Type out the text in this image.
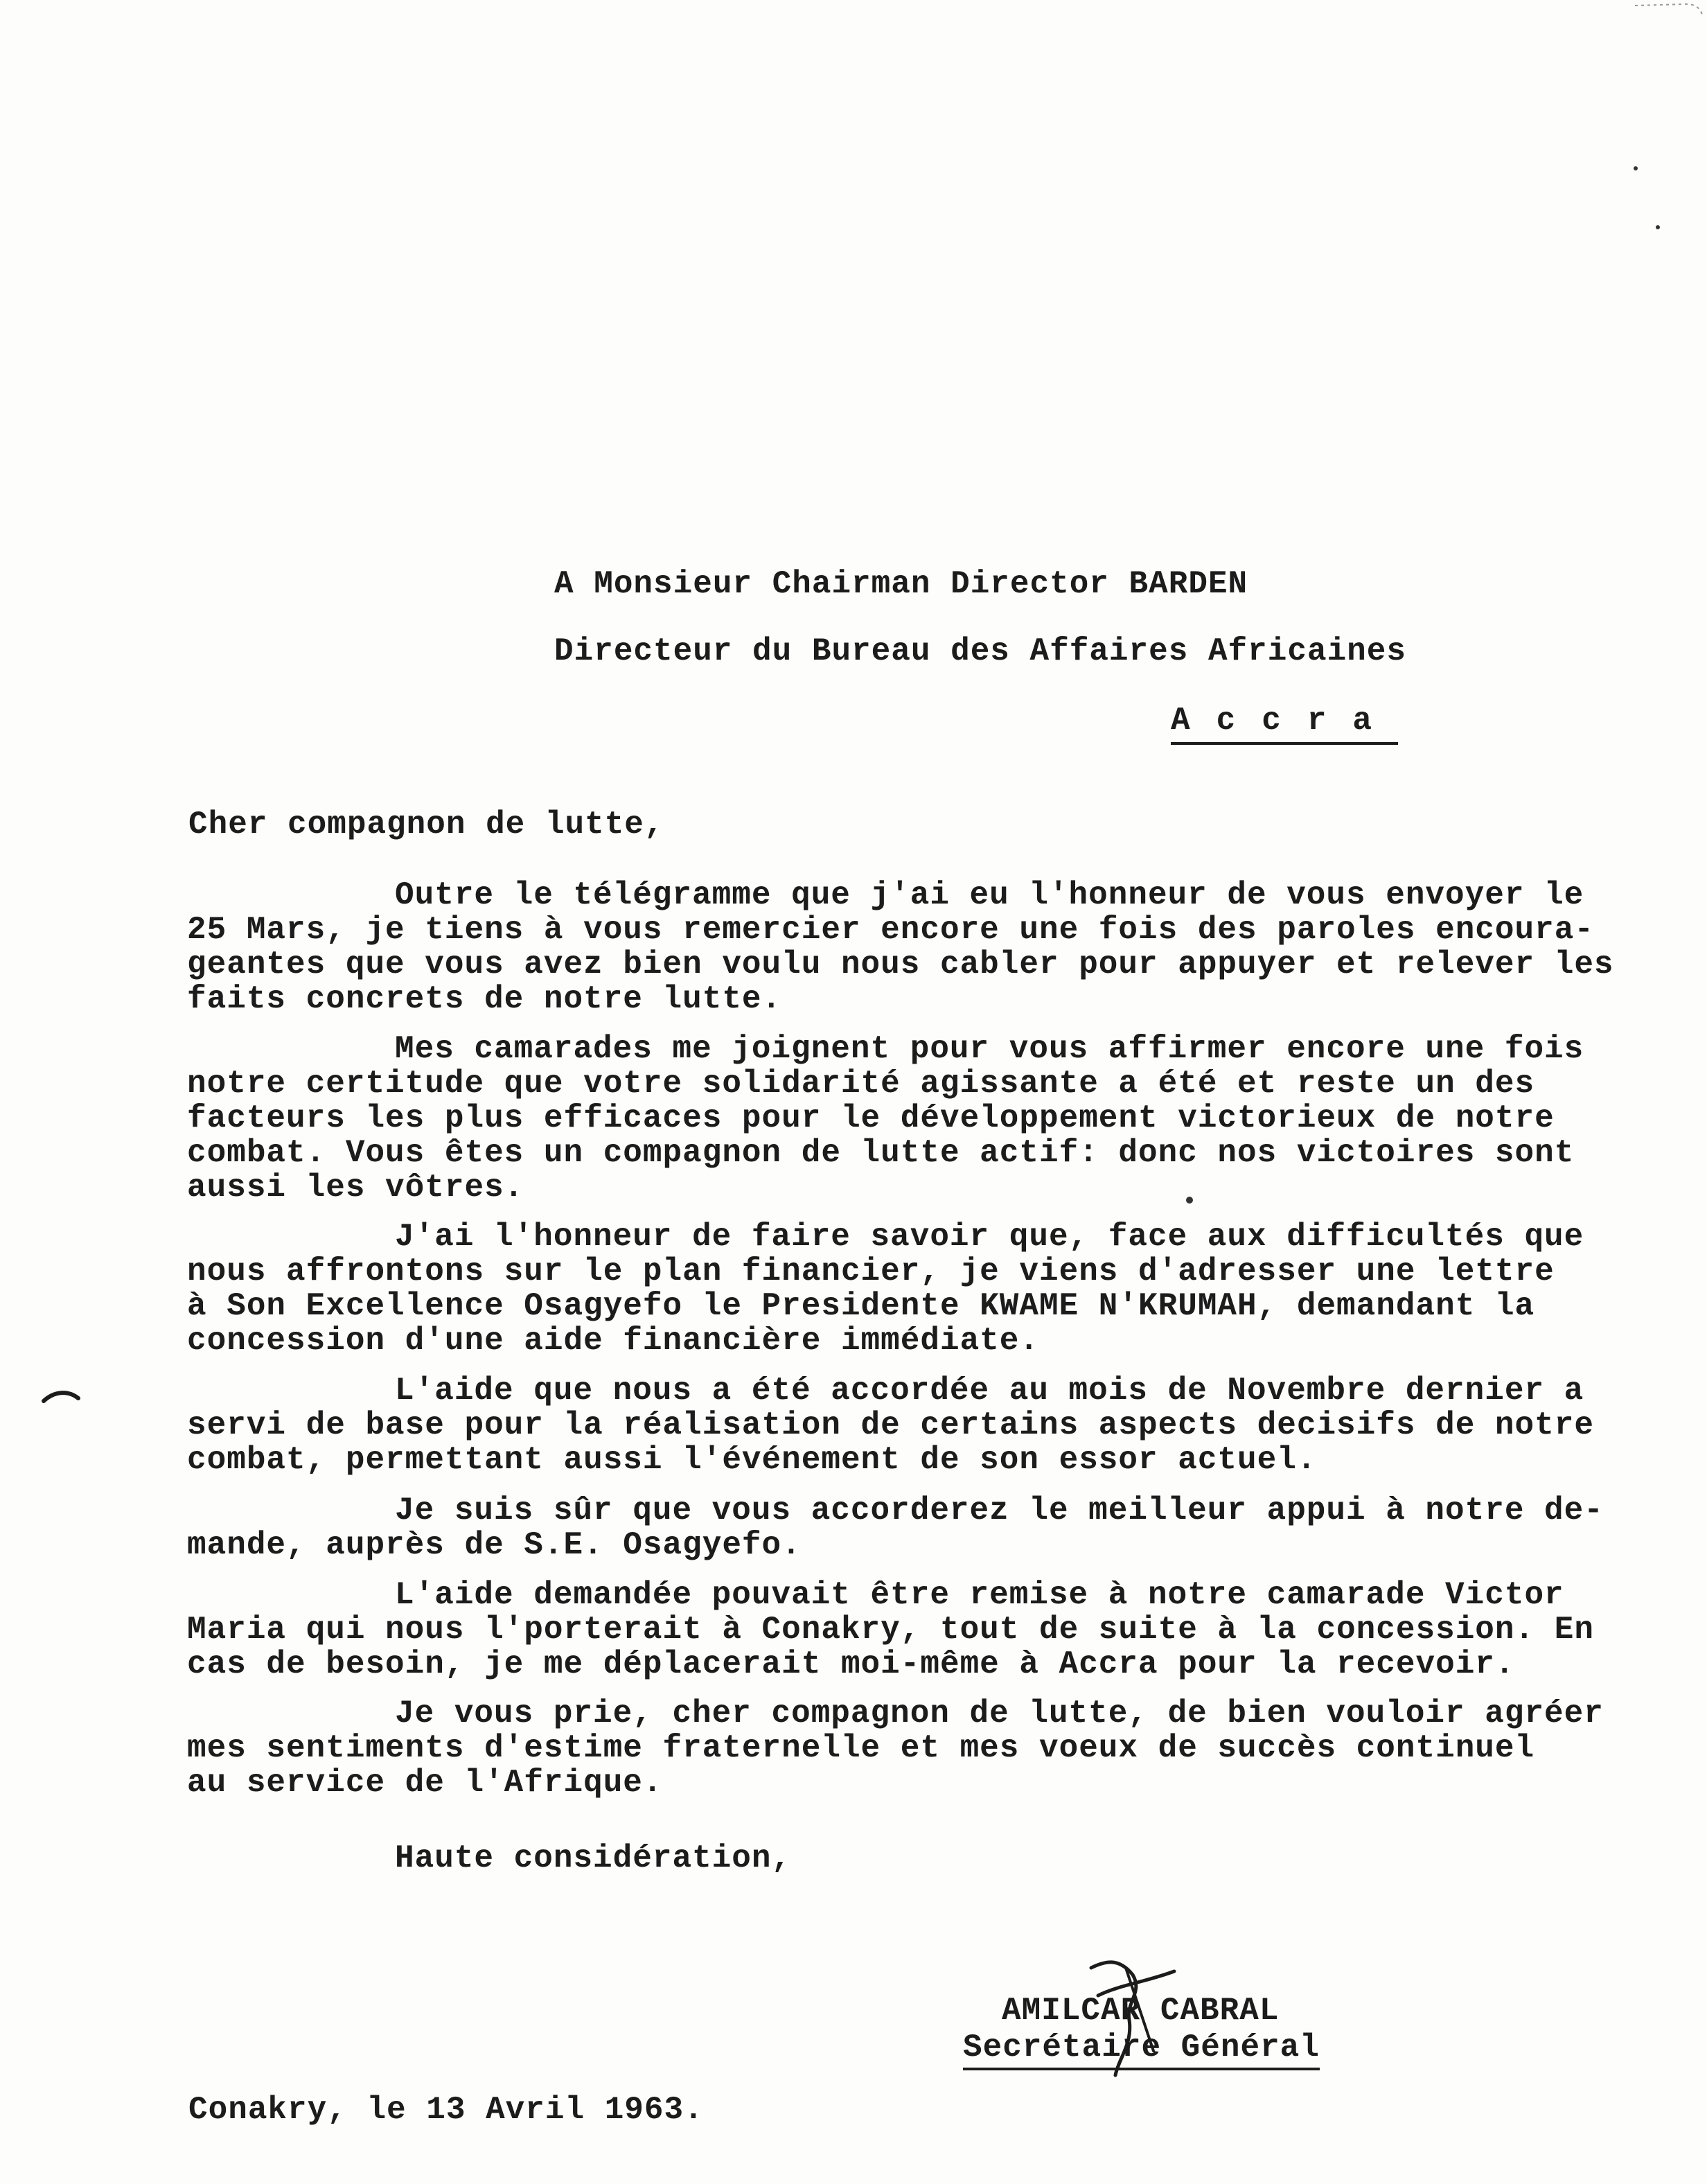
A Monsieur Chairman Director BARDEN
Directeur du Bureau des Affaires Africaines
Accra
Cher compagnon de lutte,
Outre le télégramme que j'ai eu l'honneur de vous envoyer le
25 Mars, je tiens à vous remercier encore une fois des paroles encoura-
geantes que vous avez bien voulu nous cabler pour appuyer et relever les
faits concrets de notre lutte.
Mes camarades me joignent pour vous affirmer encore une fois
notre certitude que votre solidarité agissante a été et reste un des
facteurs les plus efficaces pour le développement victorieux de notre
combat. Vous êtes un compagnon de lutte actif: donc nos victoires sont
aussi les vôtres.
J'ai l'honneur de faire savoir que, face aux difficultés que
nous affrontons sur le plan financier, je viens d'adresser une lettre
à Son Excellence Osagyefo le Presidente KWAME N'KRUMAH, demandant la
concession d'une aide financière immédiate.
L'aide que nous a été accordée au mois de Novembre dernier a
servi de base pour la réalisation de certains aspects decisifs de notre
combat, permettant aussi l'événement de son essor actuel.
Je suis sûr que vous accorderez le meilleur appui à notre de-
mande, auprès de S.E. Osagyefo.
L'aide demandée pouvait être remise à notre camarade Victor
Maria qui nous l'porterait à Conakry, tout de suite à la concession. En
cas de besoin, je me déplacerait moi-même à Accra pour la recevoir.
Je vous prie, cher compagnon de lutte, de bien vouloir agréer
mes sentiments d'estime fraternelle et mes voeux de succès continuel
au service de l'Afrique.
Haute considération,
AMILCAR CABRAL
Secrétaire Général
Conakry, le 13 Avril 1963.
